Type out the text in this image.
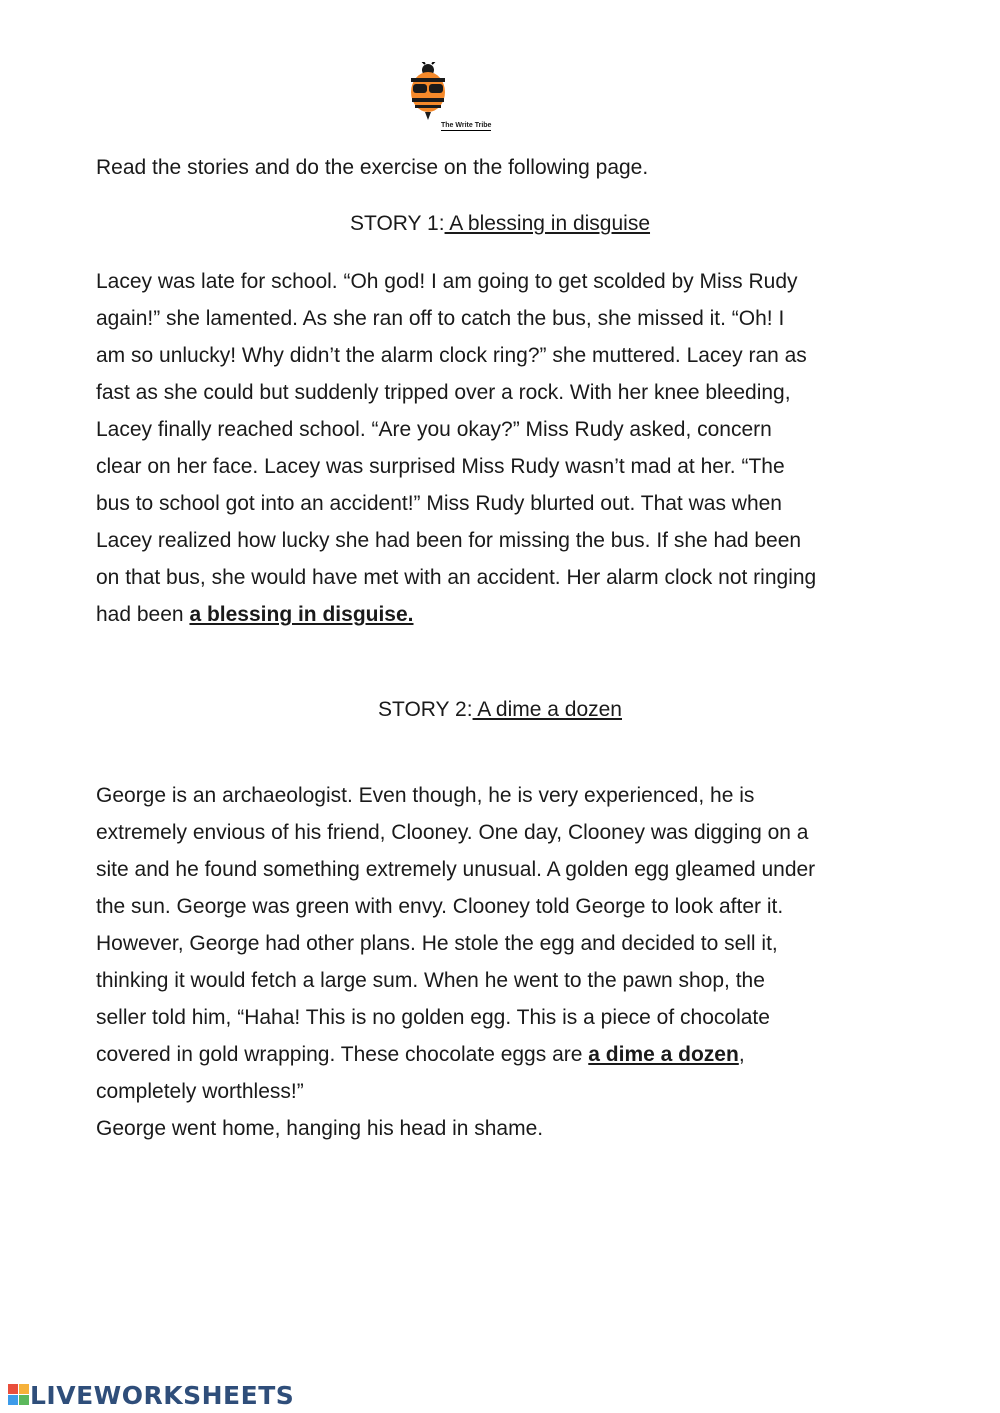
The Write Tribe

Read the stories and do the exercise on the following page.

STORY 1: A blessing in disguise

Lacey was late for school. “Oh god! I am going to get scolded by Miss Rudy
again!” she lamented. As she ran off to catch the bus, she missed it. “Oh! I
am so unlucky! Why didn’t the alarm clock ring?” she muttered. Lacey ran as
fast as she could but suddenly tripped over a rock. With her knee bleeding,
Lacey finally reached school. “Are you okay?” Miss Rudy asked, concern
clear on her face. Lacey was surprised Miss Rudy wasn’t mad at her. “The
bus to school got into an accident!” Miss Rudy blurted out. That was when
Lacey realized how lucky she had been for missing the bus. If she had been
on that bus, she would have met with an accident. Her alarm clock not ringing
had been a blessing in disguise.

STORY 2: A dime a dozen

George is an archaeologist. Even though, he is very experienced, he is
extremely envious of his friend, Clooney. One day, Clooney was digging on a
site and he found something extremely unusual. A golden egg gleamed under
the sun. George was green with envy. Clooney told George to look after it.
However, George had other plans. He stole the egg and decided to sell it,
thinking it would fetch a large sum. When he went to the pawn shop, the
seller told him, “Haha! This is no golden egg. This is a piece of chocolate
covered in gold wrapping. These chocolate eggs are a dime a dozen,
completely worthless!”
George went home, hanging his head in shame.

LIVEWORKSHEETS
